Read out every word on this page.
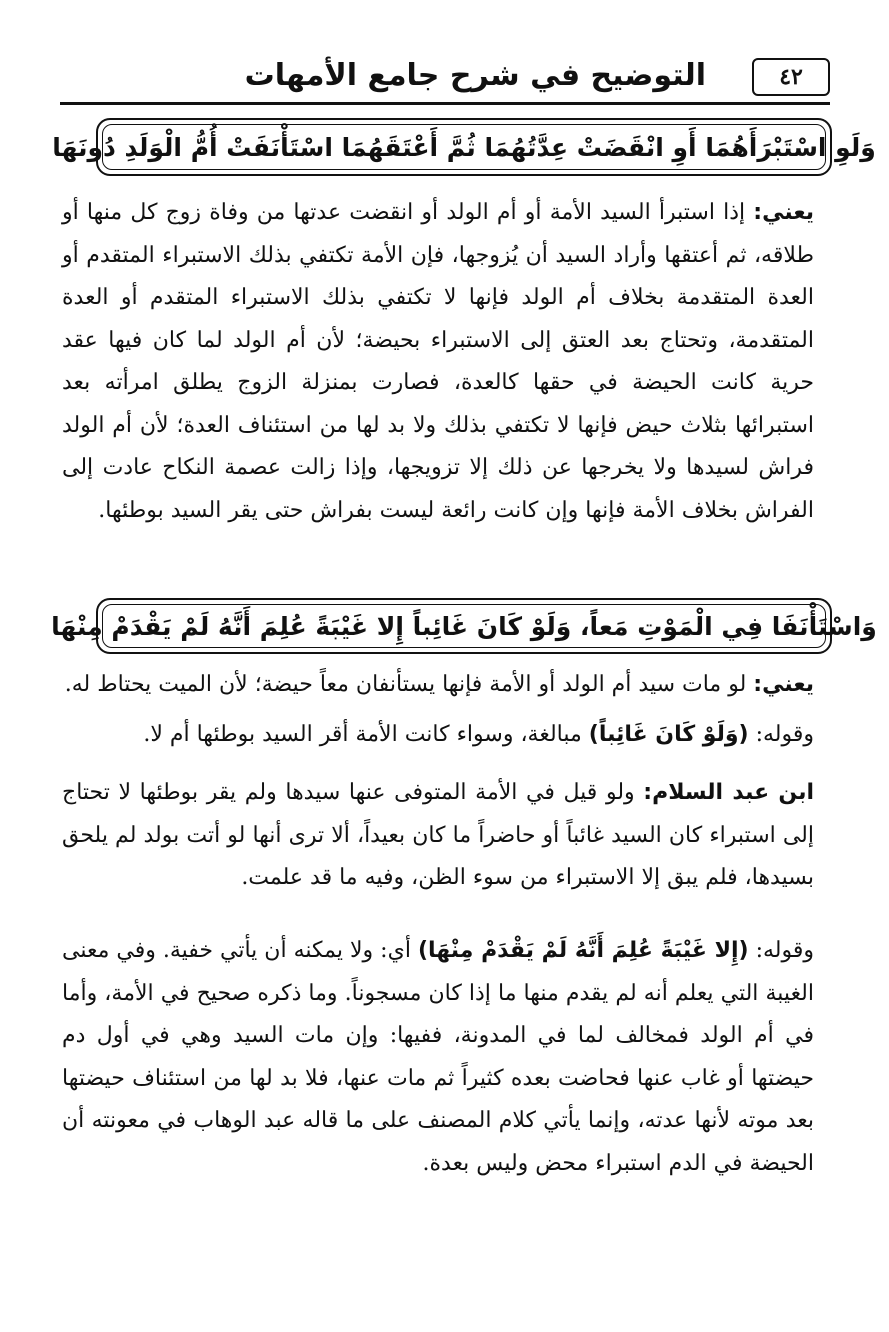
٤٢
التوضيح في شرح جامع الأمهات
وَلَوِ اسْتَبْرَأَهُمَا أَوِ انْقَضَتْ عِدَّتُهُمَا ثُمَّ أَعْتَقَهُمَا اسْتَأْنَفَتْ أُمُّ الْوَلَدِ دُونَهَا

يعني: إذا استبرأ السيد الأمة أو أم الولد أو انقضت عدتها من وفاة زوج كل منها أو طلاقه، ثم أعتقها وأراد السيد أن يُزوجها، فإن الأمة تكتفي بذلك الاستبراء المتقدم أو العدة المتقدمة بخلاف أم الولد فإنها لا تكتفي بذلك الاستبراء المتقدم أو العدة المتقدمة، وتحتاج بعد العتق إلى الاستبراء بحيضة؛ لأن أم الولد لما كان فيها عقد حرية كانت الحيضة في حقها كالعدة، فصارت بمنزلة الزوج يطلق امرأته بعد استبرائها بثلاث حيض فإنها لا تكتفي بذلك ولا بد لها من استئناف العدة؛ لأن أم الولد فراش لسيدها ولا يخرجها عن ذلك إلا تزويجها، وإذا زالت عصمة النكاح عادت إلى الفراش بخلاف الأمة فإنها وإن كانت رائعة ليست بفراش حتى يقر السيد بوطئها.

وَاسْتَأْنَفَا فِي الْمَوْتِ مَعاً، وَلَوْ كَانَ غَائِباً إِلا غَيْبَةً عُلِمَ أَنَّهُ لَمْ يَقْدَمْ مِنْهَا

يعني: لو مات سيد أم الولد أو الأمة فإنها يستأنفان معاً حيضة؛ لأن الميت يحتاط له.

وقوله: (وَلَوْ كَانَ غَائِباً) مبالغة، وسواء كانت الأمة أقر السيد بوطئها أم لا.

ابن عبد السلام: ولو قيل في الأمة المتوفى عنها سيدها ولم يقر بوطئها لا تحتاج إلى استبراء كان السيد غائباً أو حاضراً ما كان بعيداً، ألا ترى أنها لو أتت بولد لم يلحق بسيدها، فلم يبق إلا الاستبراء من سوء الظن، وفيه ما قد علمت.

وقوله: (إِلا غَيْبَةً عُلِمَ أَنَّهُ لَمْ يَقْدَمْ مِنْهَا) أي: ولا يمكنه أن يأتي خفية. وفي معنى الغيبة التي يعلم أنه لم يقدم منها ما إذا كان مسجوناً. وما ذكره صحيح في الأمة، وأما في أم الولد فمخالف لما في المدونة، ففيها: وإن مات السيد وهي في أول دم حيضتها أو غاب عنها فحاضت بعده كثيراً ثم مات عنها، فلا بد لها من استئناف حيضتها بعد موته لأنها عدته، وإنما يأتي كلام المصنف على ما قاله عبد الوهاب في معونته أن الحيضة في الدم استبراء محض وليس بعدة.
